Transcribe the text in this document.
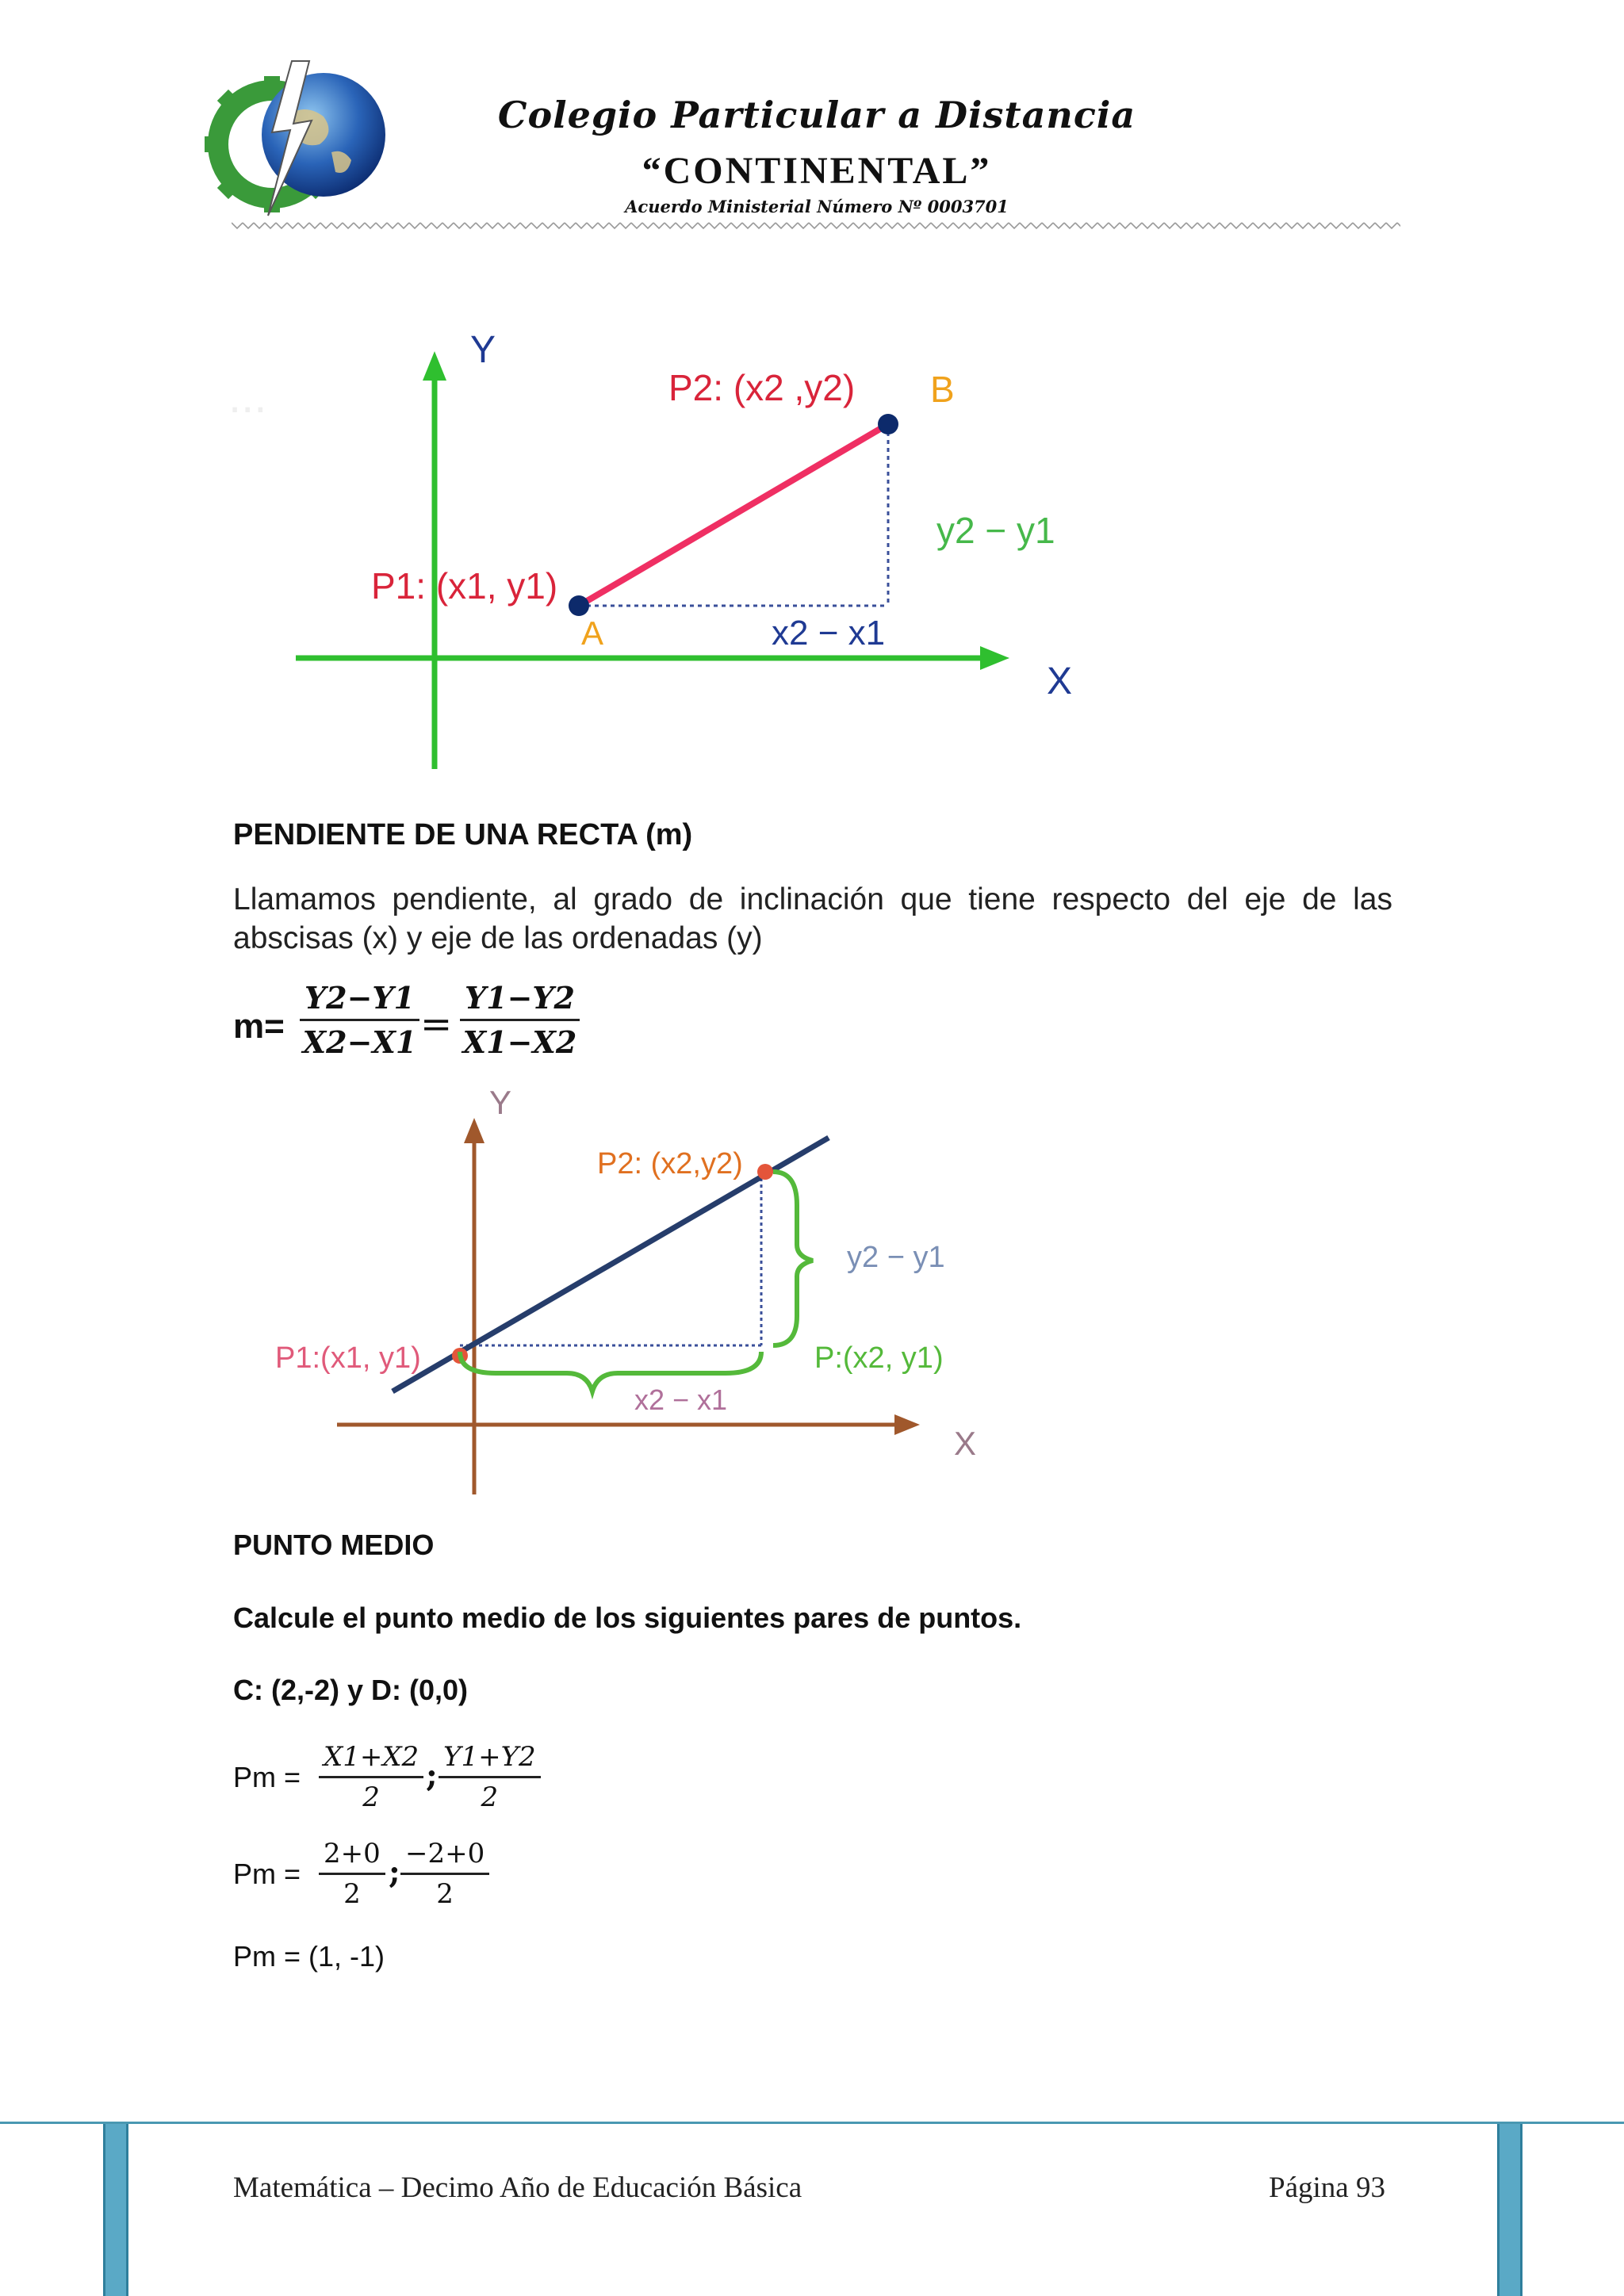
Colegio Particular a Distancia
“CONTINENTAL”
Acuerdo Ministerial Número Nº 0003701
...
Y
X
P2: (x2 ,y2) B
P1: (x1, y1)
A
y2 − y1
x2 − x1
PENDIENTE DE UNA RECTA (m)
Llamamos pendiente, al grado de inclinación que tiene respecto del eje de las abscisas (x) y eje de las ordenadas (y)
$m= \frac{Y2-Y1}{X2-X1} = \frac{Y1-Y2}{X1-X2}$
Y
X
P2: (x2,y2)
P1:(x1, y1)	P:(x2, y1)
y2 − y1
x2 − x1
PUNTO MEDIO
Calcule el punto medio de los siguientes pares de puntos.
C: (2,-2) y D: (0,0)
$Pm = \frac{X1+X2}{2}$ ; $\frac{Y1+Y2}{2}$
$Pm = \frac{2+0}{2}$ ; $\frac{-2+0}{2}$
Pm = (1, -1)
Matemática – Decimo Año de Educación Básica	Página 93
